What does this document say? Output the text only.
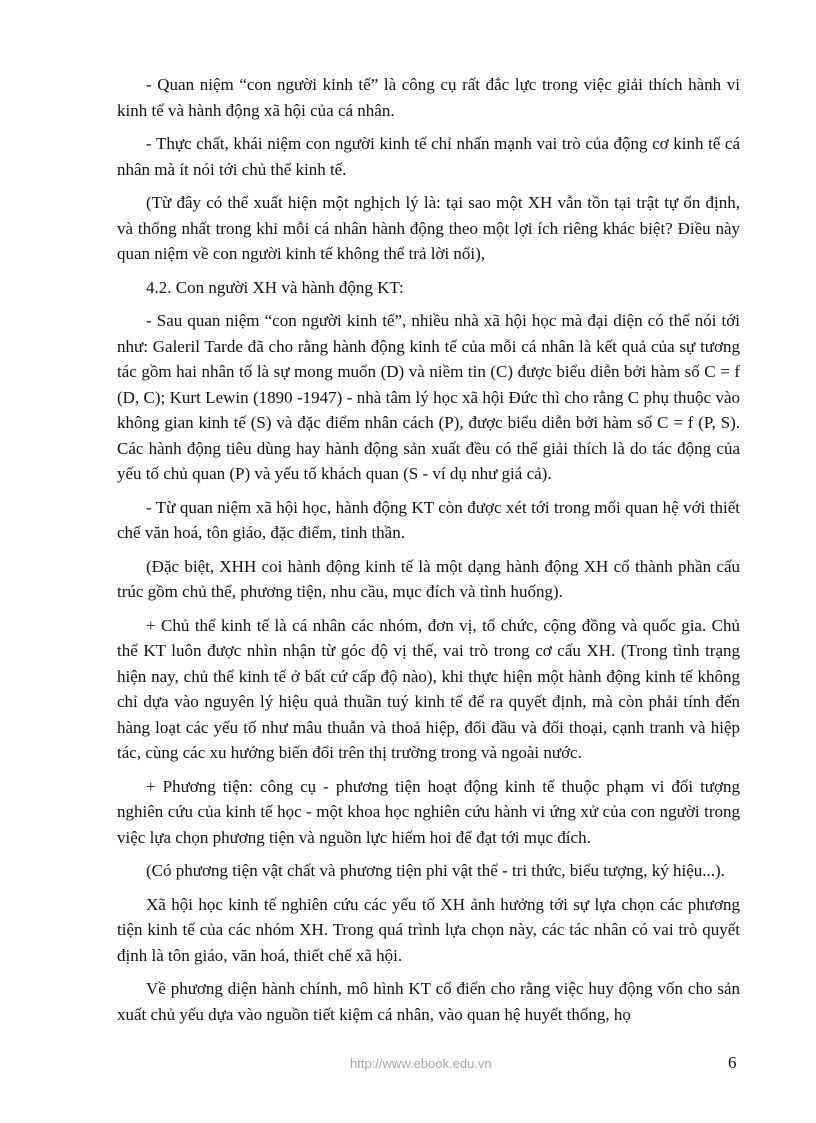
- Quan niệm “con người kinh tế” là công cụ rất đắc lực trong việc giải thích hành vi kinh tế và hành động xã hội của cá nhân.

- Thực chất, khái niệm con người kinh tế chỉ nhấn mạnh vai trò của động cơ kinh tế cá nhân mà ít nói tới chủ thể kinh tế.

(Từ đây có thể xuất hiện một nghịch lý là: tại sao một XH vẫn tồn tại trật tự ổn định, và thống nhất trong khi mỗi cá nhân hành động theo một lợi ích riêng khác biệt? Điều này quan niệm về con người kinh tế không thể trả lời nổi),

4.2. Con người XH và hành động KT:

- Sau quan niệm “con người kinh tế”, nhiều nhà xã hội học mà đại diện có thể nói tới như: Galeril Tarde đã cho rằng hành động kinh tế của mỗi cá nhân là kết quả của sự tương tác gồm hai nhân tố là sự mong muốn (D) và niềm tin (C) được biểu diễn bởi hàm số C = f (D, C); Kurt Lewin (1890 -1947) - nhà tâm lý học xã hội Đức thì cho rằng C phụ thuộc vào không gian kinh tế (S) và đặc điểm nhân cách (P), được biểu diễn bởi hàm số C = f (P, S). Các hành động tiêu dùng hay hành động sản xuất đều có thể giải thích là do tác động của yếu tố chủ quan (P) và yếu tố khách quan (S - ví dụ như giá cả).

- Từ quan niệm xã hội học, hành động KT còn được xét tới trong mối quan hệ với thiết chế văn hoá, tôn giáo, đặc điểm, tinh thần.

(Đặc biệt, XHH coi hành động kinh tế là một dạng hành động XH cổ thành phần cấu trúc gồm chủ thể, phương tiện, nhu cầu, mục đích và tình huống).

+ Chủ thể kinh tế là cá nhân các nhóm, đơn vị, tổ chức, cộng đồng và quốc gia. Chủ thể KT luôn được nhìn nhận từ góc độ vị thế, vai trò trong cơ cấu XH. (Trong tình trạng hiện nay, chủ thể kinh tế ở bất cứ cấp độ nào), khi thực hiện một hành động kinh tế không chỉ dựa vào nguyên lý hiệu quả thuần tuý kinh tế để ra quyết định, mà còn phải tính đến hàng loạt các yếu tố như mâu thuẫn và thoả hiệp, đối đầu và đối thoại, cạnh tranh và hiệp tác, cùng các xu hướng biến đổi trên thị trường trong và ngoài nước.

+ Phương tiện: công cụ - phương tiện hoạt động kinh tế thuộc phạm vi đối tượng nghiên cứu của kinh tế học - một khoa học nghiên cứu hành vi ứng xử của con người trong việc lựa chọn phương tiện và nguồn lực hiếm hoi để đạt tới mục đích.

(Có phương tiện vật chất và phương tiện phi vật thể - tri thức, biểu tượng, ký hiệu...).

Xã hội học kinh tế nghiên cứu các yếu tố XH ảnh hưởng tới sự lựa chọn các phương tiện kinh tế của các nhóm XH. Trong quá trình lựa chọn này, các tác nhân có vai trò quyết định là tôn giáo, văn hoá, thiết chế xã hội.

Về phương diện hành chính, mô hình KT cổ điển cho rằng việc huy động vốn cho sản xuất chủ yếu dựa vào nguồn tiết kiệm cá nhân, vào quan hệ huyết thống, họ

http://www.ebook.edu.vn	6
